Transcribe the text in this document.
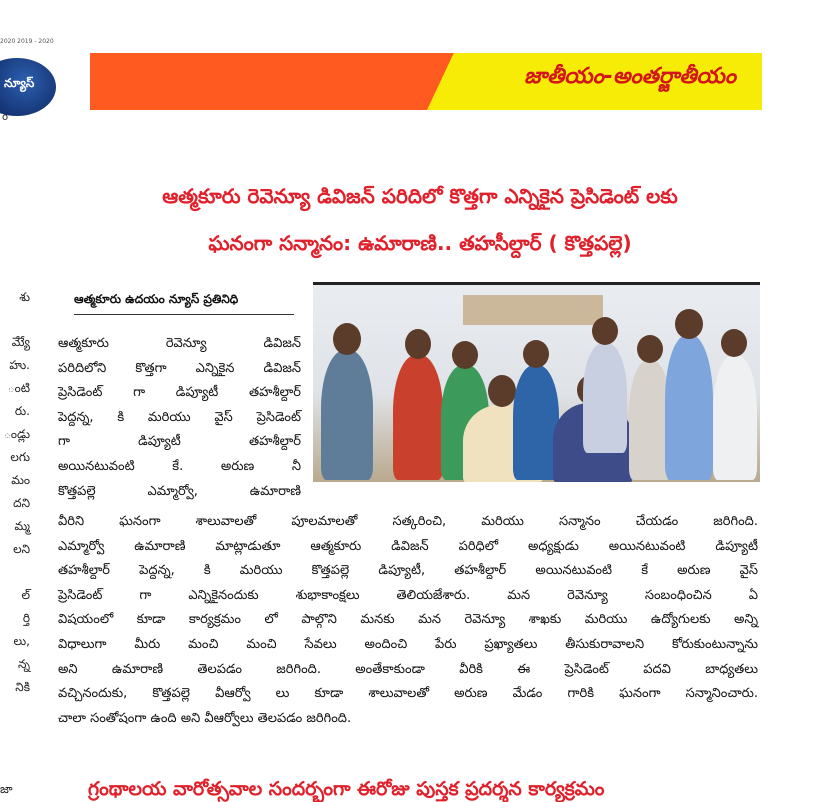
2020 2019 - 2020
న్యూస్
o
జాతీయం-అంతర్జాతీయం
ఆత్మకూరు రెవెన్యూ డివిజన్ పరిదిలో కొత్తగా ఎన్నికైన ప్రెసిడెంట్ లకు
ఘనంగా సన్మానం: ఉమారాణి.. తహసీల్దార్ ( కొత్తపల్లె)
శు
మ్యేే
హు.
ంటి
రు.
ండ్లు
లగు
మం
దని
మ్మ
లని
ల్
ర్తి
లు,
న్న
నికి
ఆత్మకూరు ఉదయం న్యూస్ ప్రతినిధి
ఆత్మకూరు రెవెన్యూ డివిజన్
పరిదిలోని కొత్తగా ఎన్నికైన డివిజన్
ప్రెసిడెంట్ గా డిప్యూటీ తహశీల్దార్
పెద్దన్న, కి మరియు వైస్ ప్రెసిడెంట్
గా డిప్యూటీ తహశీల్దార్
అయినటువంటి కే. అరుణ నీ
కొత్తపల్లె ఎమ్మార్వో, ఉమారాణి
వీరిని ఘనంగా శాలువాలతో పూలమాలతో సత్కరించి, మరియు సన్మానం చేయడం జరిగింది.
ఎమ్మార్వో ఉమారాణి మాట్లాడుతూ ఆత్మకూరు డివిజన్ పరిధిలో అధ్యక్షుడు అయినటువంటి డిప్యూటీ
తహశీల్దార్ పెద్దన్న, కి మరియు కొత్తపల్లె డిప్యూటీ, తహశీల్దార్ అయినటువంటి కే అరుణ వైస్
ప్రెసిడెంట్ గా ఎన్నికైనందుకు శుభాకాంక్షలు తెలియజేశారు. మన రెవెన్యూ సంబంధించిన ఏ
విషయంలో కూడా కార్యక్రమం లో పాల్గొని మనకు మన రెవెన్యూ శాఖకు మరియు ఉద్యోగులకు అన్ని
విధాలుగా మీరు మంచి మంచి సేవలు అందించి పేరు ప్రఖ్యాతలు తీసుకురావాలని కోరుకుంటున్నాను
అని ఉమారాణి తెలపడం జరిగింది. అంతేకాకుండా వీరికి ఈ ప్రెసిడెంట్ పదవి బాధ్యతలు
వచ్చినందుకు, కొత్తపల్లె వీఆర్వో లు కూడా శాలువాలతో అరుణ మేడం గారికి ఘనంగా సన్మానించారు.
చాలా సంతోషంగా ఉంది అని వీఆర్వోలు తెలపడం జరిగింది.
జా	గ్రంథాలయ వారోత్సవాల సందర్భంగా ఈరోజు పుస్తక ప్రదర్శన కార్యక్రమం
